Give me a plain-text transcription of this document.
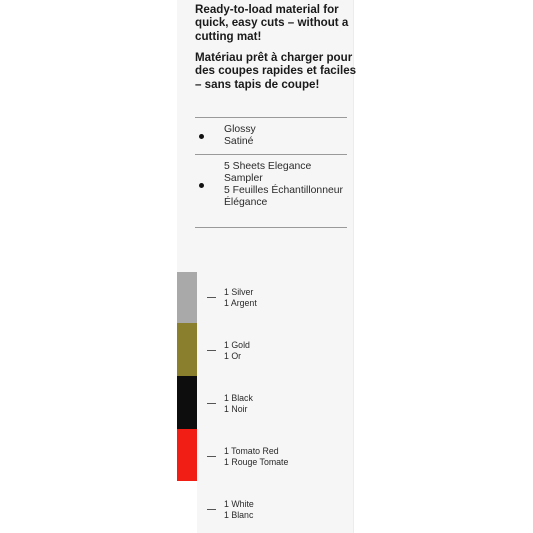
Ready-to-load material for quick, easy cuts – without a cutting mat!

Matériau prêt à charger pour des coupes rapides et faciles – sans tapis de coupe!

Glossy
Satiné
5 Sheets Elegance Sampler
5 Feuilles Échantillonneur Élégance
1 Silver
1 Argent
1 Gold
1 Or
1 Black
1 Noir
1 Tomato Red
1 Rouge Tomate
1 White
1 Blanc
